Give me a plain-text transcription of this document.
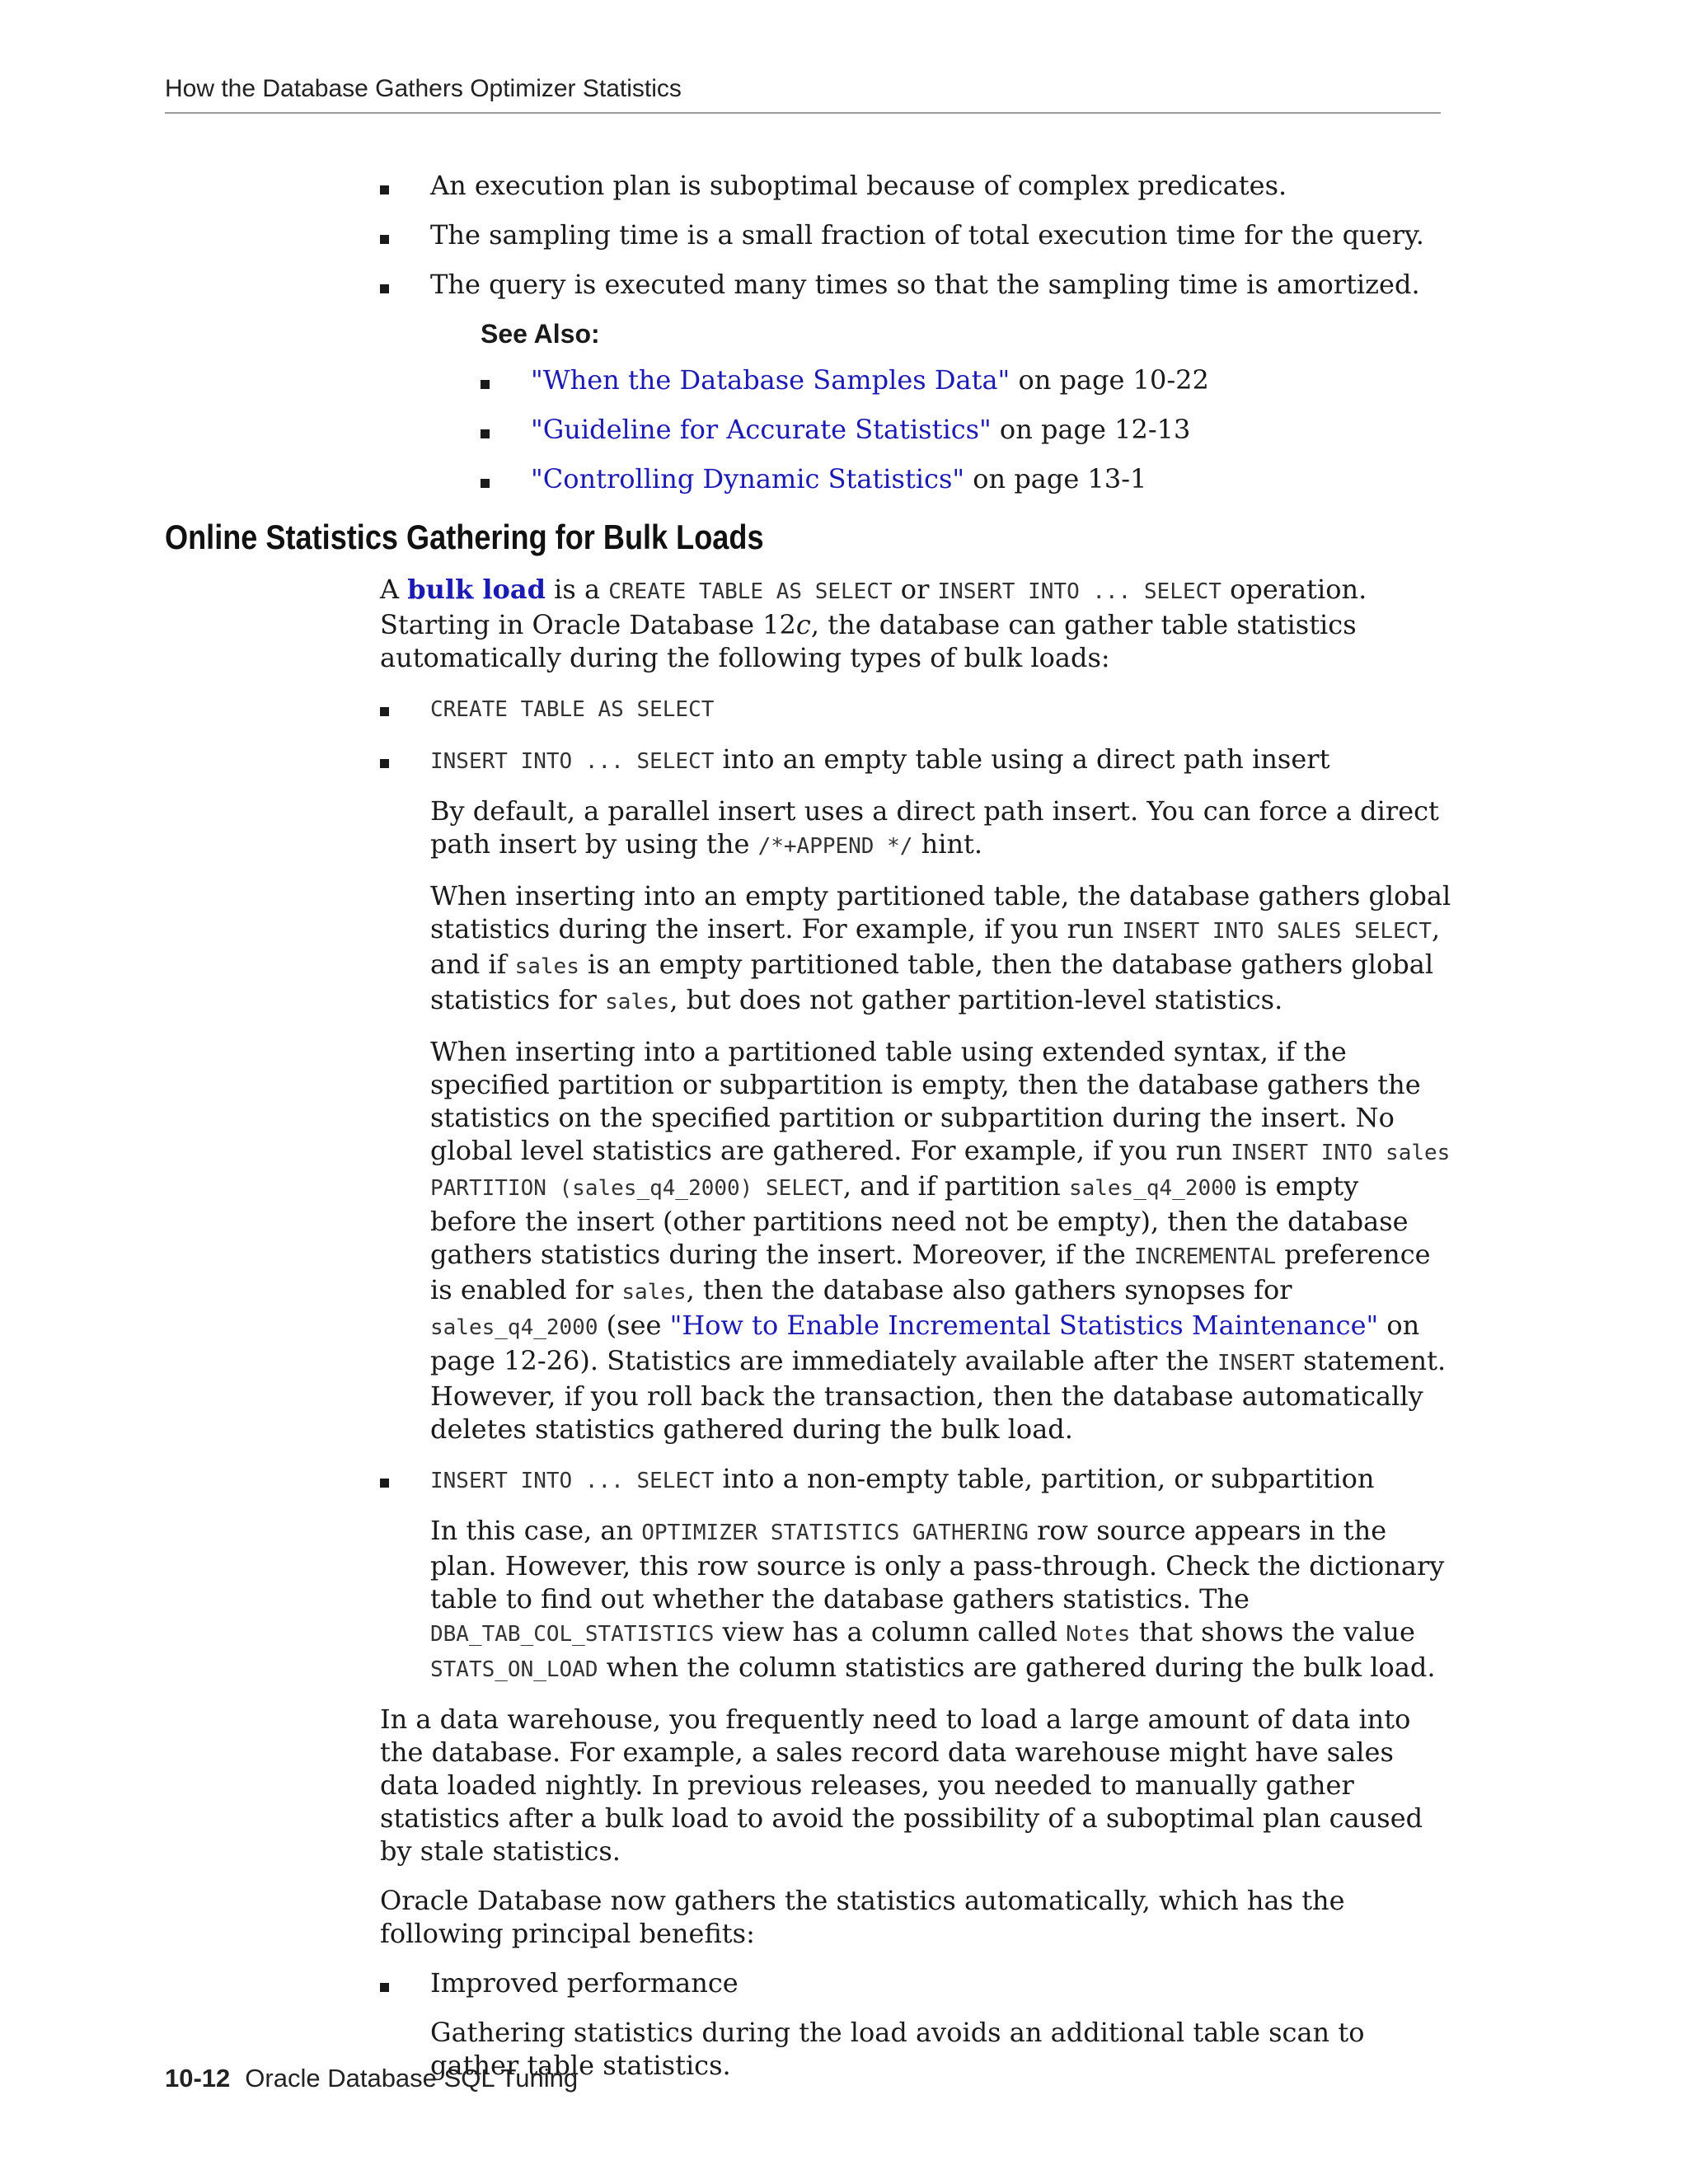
How the Database Gathers Optimizer Statistics
An execution plan is suboptimal because of complex predicates.
The sampling time is a small fraction of total execution time for the query.
The query is executed many times so that the sampling time is amortized.
See Also:
"When the Database Samples Data" on page 10-22
"Guideline for Accurate Statistics" on page 12-13
"Controlling Dynamic Statistics" on page 13-1
Online Statistics Gathering for Bulk Loads

A bulk load is a CREATE TABLE AS SELECT or INSERT INTO ... SELECT operation. Starting in Oracle Database 12c, the database can gather table statistics automatically during the following types of bulk loads:

CREATE TABLE AS SELECT
INSERT INTO ... SELECT into an empty table using a direct path insert
By default, a parallel insert uses a direct path insert. You can force a direct path insert by using the /*+APPEND */ hint.
When inserting into an empty partitioned table, the database gathers global statistics during the insert. For example, if you run INSERT INTO SALES SELECT, and if sales is an empty partitioned table, then the database gathers global statistics for sales, but does not gather partition-level statistics.
When inserting into a partitioned table using extended syntax, if the specified partition or subpartition is empty, then the database gathers the statistics on the specified partition or subpartition during the insert. No global level statistics are gathered. For example, if you run INSERT INTO sales PARTITION (sales_q4_2000) SELECT, and if partition sales_q4_2000 is empty before the insert (other partitions need not be empty), then the database gathers statistics during the insert. Moreover, if the INCREMENTAL preference is enabled for sales, then the database also gathers synopses for sales_q4_2000 (see "How to Enable Incremental Statistics Maintenance" on page 12-26). Statistics are immediately available after the INSERT statement. However, if you roll back the transaction, then the database automatically deletes statistics gathered during the bulk load.
INSERT INTO ... SELECT into a non-empty table, partition, or subpartition
In this case, an OPTIMIZER STATISTICS GATHERING row source appears in the plan. However, this row source is only a pass-through. Check the dictionary table to find out whether the database gathers statistics. The DBA_TAB_COL_STATISTICS view has a column called Notes that shows the value STATS_ON_LOAD when the column statistics are gathered during the bulk load.

In a data warehouse, you frequently need to load a large amount of data into the database. For example, a sales record data warehouse might have sales data loaded nightly. In previous releases, you needed to manually gather statistics after a bulk load to avoid the possibility of a suboptimal plan caused by stale statistics.

Oracle Database now gathers the statistics automatically, which has the following principal benefits:

Improved performance
Gathering statistics during the load avoids an additional table scan to gather table statistics.
10-12 Oracle Database SQL Tuning
